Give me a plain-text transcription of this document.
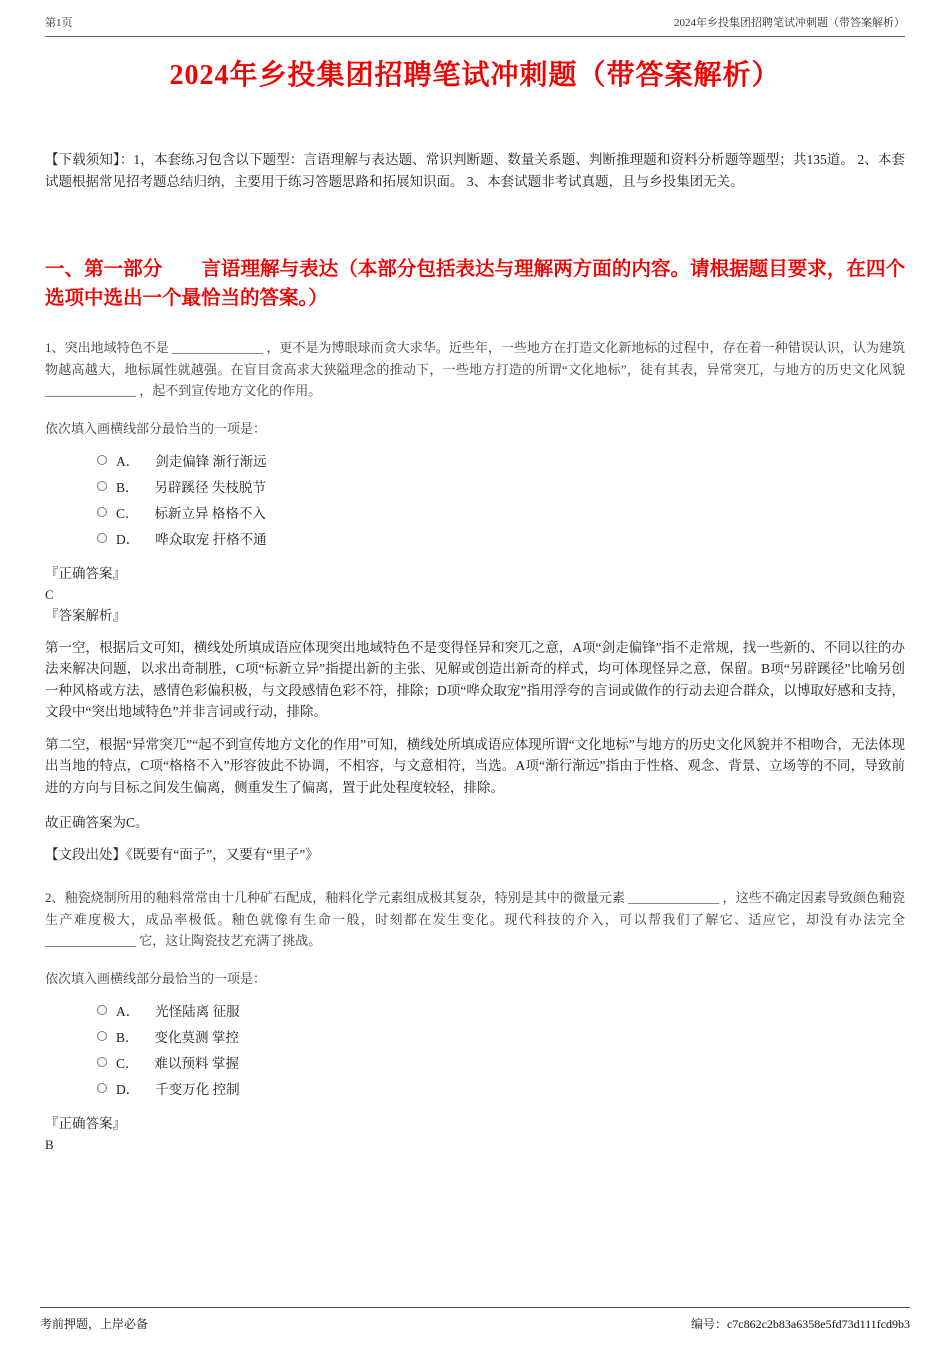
第1页	2024年乡投集团招聘笔试冲刺题（带答案解析）
2024年乡投集团招聘笔试冲刺题（带答案解析）

【下载须知】：1，本套练习包含以下题型：言语理解与表达题、常识判断题、数量关系题、判断推理题和资料分析题等题型；共135道。 2、本套试题根据常见招考题总结归纳，主要用于练习答题思路和拓展知识面。 3、本套试题非考试真题，且与乡投集团无关。

一、第一部分　　言语理解与表达（本部分包括表达与理解两方面的内容。请根据题目要求，在四个选项中选出一个最恰当的答案。）

1、突出地域特色不是 ______________ ，更不是为博眼球而贪大求华。近些年，一些地方在打造文化新地标的过程中，存在着一种错误认识，认为建筑物越高越大，地标属性就越强。在盲目贪高求大狭隘理念的推动下，一些地方打造的所谓“文化地标”，徒有其表，异常突兀，与地方的历史文化风貌 ______________ ，起不到宣传地方文化的作用。

依次填入画横线部分最恰当的一项是：

A． 剑走偏锋 渐行渐远
B． 另辟蹊径 失枝脱节
C． 标新立异 格格不入
D． 哗众取宠 扞格不通

『正确答案』

C

『答案解析』

第一空，根据后文可知，横线处所填成语应体现突出地域特色不是变得怪异和突兀之意，A项“剑走偏锋”指不走常规，找一些新的、不同以往的办法来解决问题，以求出奇制胜，C项“标新立异”指提出新的主张、见解或创造出新奇的样式，均可体现怪异之意，保留。B项“另辟蹊径”比喻另创一种风格或方法，感情色彩偏积极，与文段感情色彩不符，排除；D项“哗众取宠”指用浮夸的言词或做作的行动去迎合群众，以博取好感和支持，文段中“突出地域特色”并非言词或行动，排除。

第二空，根据“异常突兀”“起不到宣传地方文化的作用”可知，横线处所填成语应体现所谓“文化地标”与地方的历史文化风貌并不相吻合，无法体现出当地的特点，C项“格格不入”形容彼此不协调，不相容，与文意相符，当选。A项“渐行渐远”指由于性格、观念、背景、立场等的不同，导致前进的方向与目标之间发生偏离，侧重发生了偏离，置于此处程度较轻，排除。

故正确答案为C。

【文段出处】《既要有“面子”，又要有“里子”》

2、釉瓷烧制所用的釉料常常由十几种矿石配成，釉料化学元素组成极其复杂，特别是其中的微量元素 ______________ ，这些不确定因素导致颜色釉瓷生产难度极大，成品率极低。釉色就像有生命一般，时刻都在发生变化。现代科技的介入，可以帮我们了解它、适应它，却没有办法完全 ______________ 它，这让陶瓷技艺充满了挑战。

依次填入画横线部分最恰当的一项是：

A． 光怪陆离 征服
B． 变化莫测 掌控
C． 难以预料 掌握
D． 千变万化 控制

『正确答案』

B

考前押题，上岸必备	编号：c7c862c2b83a6358e5fd73d111fcd9b3
